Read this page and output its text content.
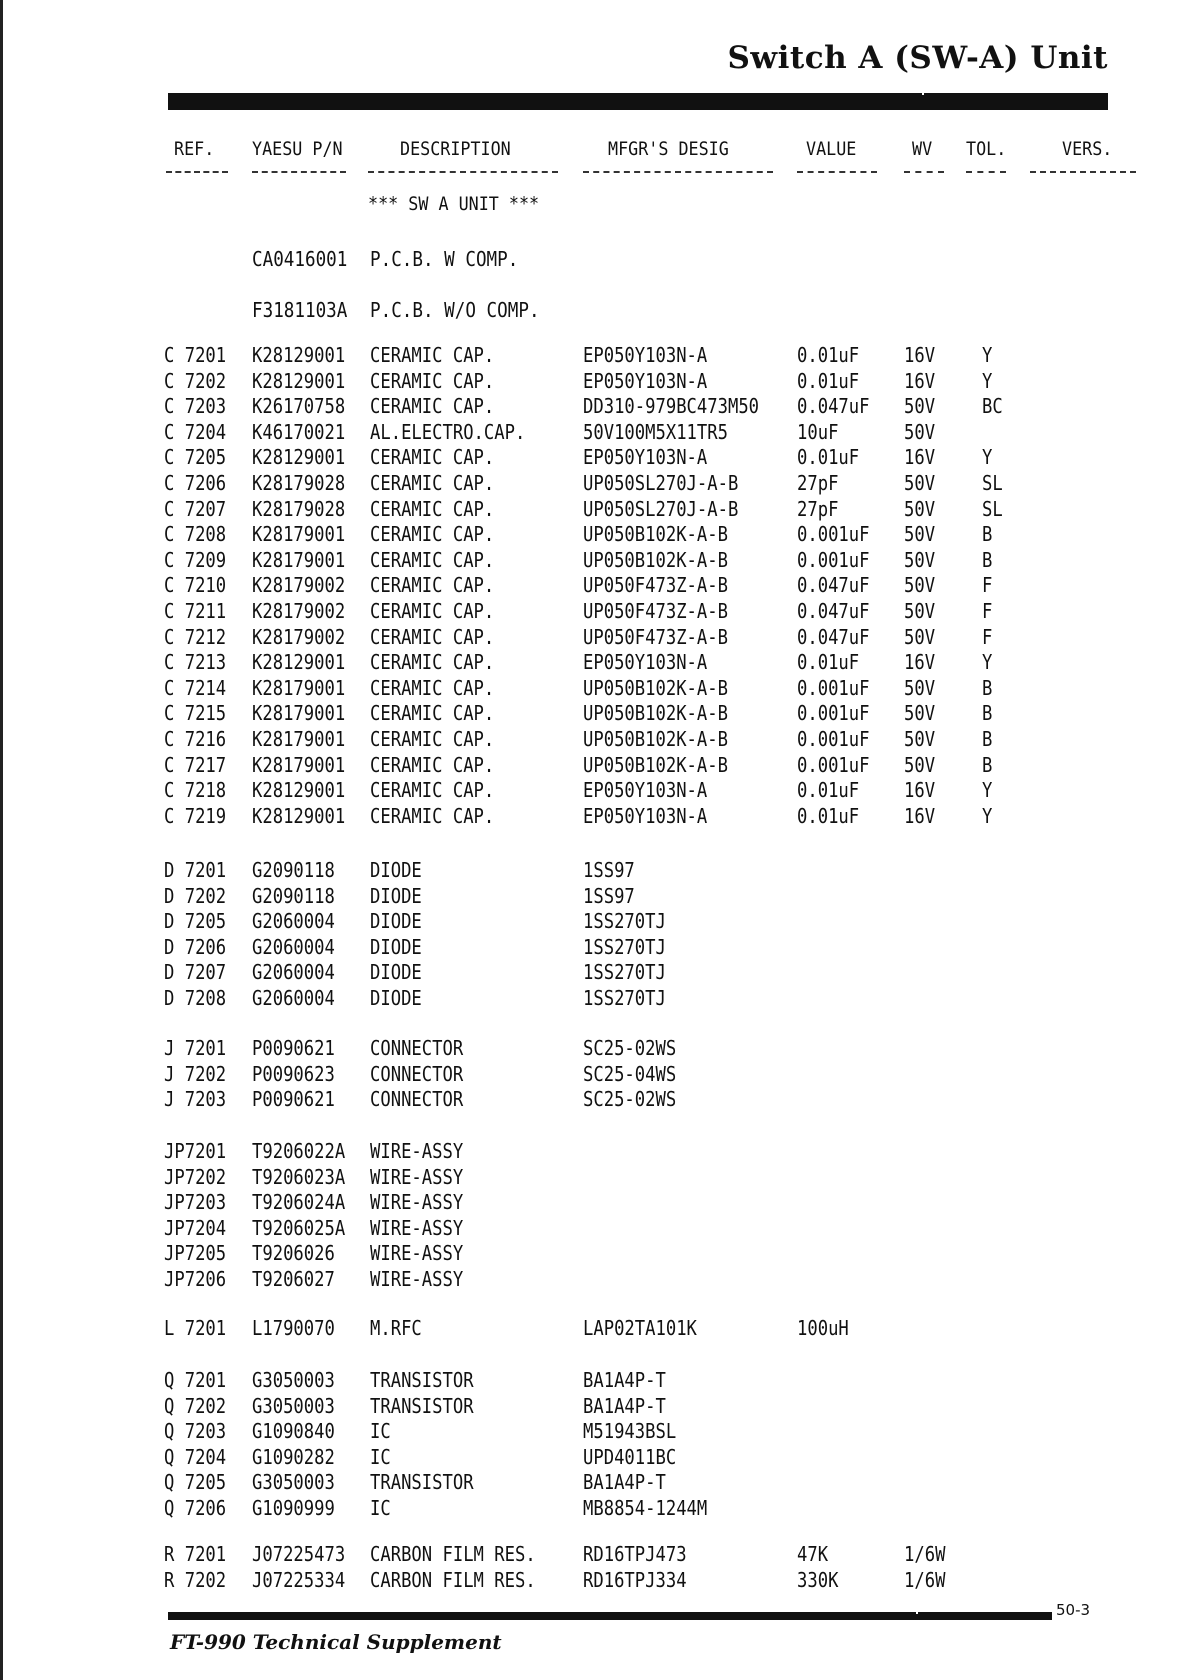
Switch A (SW-A) Unit
REF. YAESU P/N	DESCRIPTION	MFGR'S DESIG	VALUE	WV TOL.	VERS.
*** SW A UNIT ***
CA0416001 P.C.B. W COMP.
F3181103A P.C.B. W/O COMP.
C 7201 K28129001 CERAMIC CAP.	EP050Y103N-A	0.01uF 16V Y
C 7202 K28129001 CERAMIC CAP.	EP050Y103N-A	0.01uF 16V Y
C 7203 K26170758 CERAMIC CAP.	DD310-979BC473M50 0.047uF 50V BC
C 7204 K46170021 AL.ELECTRO.CAP.	50V100M5X11TR5	10uF	50V
C 7205 K28129001 CERAMIC CAP.	EP050Y103N-A	0.01uF 16V Y
C 7206 K28179028 CERAMIC CAP.	UP050SL270J-A-B	27pF	50V SL
C 7207 K28179028 CERAMIC CAP.	UP050SL270J-A-B	27pF	50V SL
C 7208 K28179001 CERAMIC CAP.	UP050B102K-A-B	0.001uF 50V B
C 7209 K28179001 CERAMIC CAP.	UP050B102K-A-B	0.001uF 50V B
C 7210 K28179002 CERAMIC CAP.	UP050F473Z-A-B	0.047uF 50V F
C 7211 K28179002 CERAMIC CAP.	UP050F473Z-A-B	0.047uF 50V F
C 7212 K28179002 CERAMIC CAP.	UP050F473Z-A-B	0.047uF 50V F
C 7213 K28129001 CERAMIC CAP.	EP050Y103N-A	0.01uF 16V Y
C 7214 K28179001 CERAMIC CAP.	UP050B102K-A-B	0.001uF 50V B
C 7215 K28179001 CERAMIC CAP.	UP050B102K-A-B	0.001uF 50V B
C 7216 K28179001 CERAMIC CAP.	UP050B102K-A-B	0.001uF 50V B
C 7217 K28179001 CERAMIC CAP.	UP050B102K-A-B	0.001uF 50V B
C 7218 K28129001 CERAMIC CAP.	EP050Y103N-A	0.01uF 16V Y
C 7219 K28129001 CERAMIC CAP.	EP050Y103N-A	0.01uF 16V Y
D 7201 G2090118 DIODE	1SS97
D 7202 G2090118 DIODE	1SS97
D 7205 G2060004 DIODE	1SS270TJ
D 7206 G2060004 DIODE	1SS270TJ
D 7207 G2060004 DIODE	1SS270TJ
D 7208 G2060004 DIODE	1SS270TJ
J 7201 P0090621 CONNECTOR	SC25-02WS
J 7202 P0090623 CONNECTOR	SC25-04WS
J 7203 P0090621 CONNECTOR	SC25-02WS
JP7201 T9206022A WIRE-ASSY
JP7202 T9206023A WIRE-ASSY
JP7203 T9206024A WIRE-ASSY
JP7204 T9206025A WIRE-ASSY
JP7205 T9206026 WIRE-ASSY
JP7206 T9206027 WIRE-ASSY
L 7201 L1790070 M.RFC	LAP02TA101K	100uH
Q 7201 G3050003 TRANSISTOR	BA1A4P-T
Q 7202 G3050003 TRANSISTOR	BA1A4P-T
Q 7203 G1090840 IC	M51943BSL
Q 7204 G1090282 IC	UPD4011BC
Q 7205 G3050003 TRANSISTOR	BA1A4P-T
Q 7206 G1090999 IC	MB8854-1244M
R 7201 J07225473 CARBON FILM RES. RD16TPJ473	47K	1/6W
R 7202 J07225334 CARBON FILM RES. RD16TPJ334	330K	1/6W
50-3
FT-990 Technical Supplement
